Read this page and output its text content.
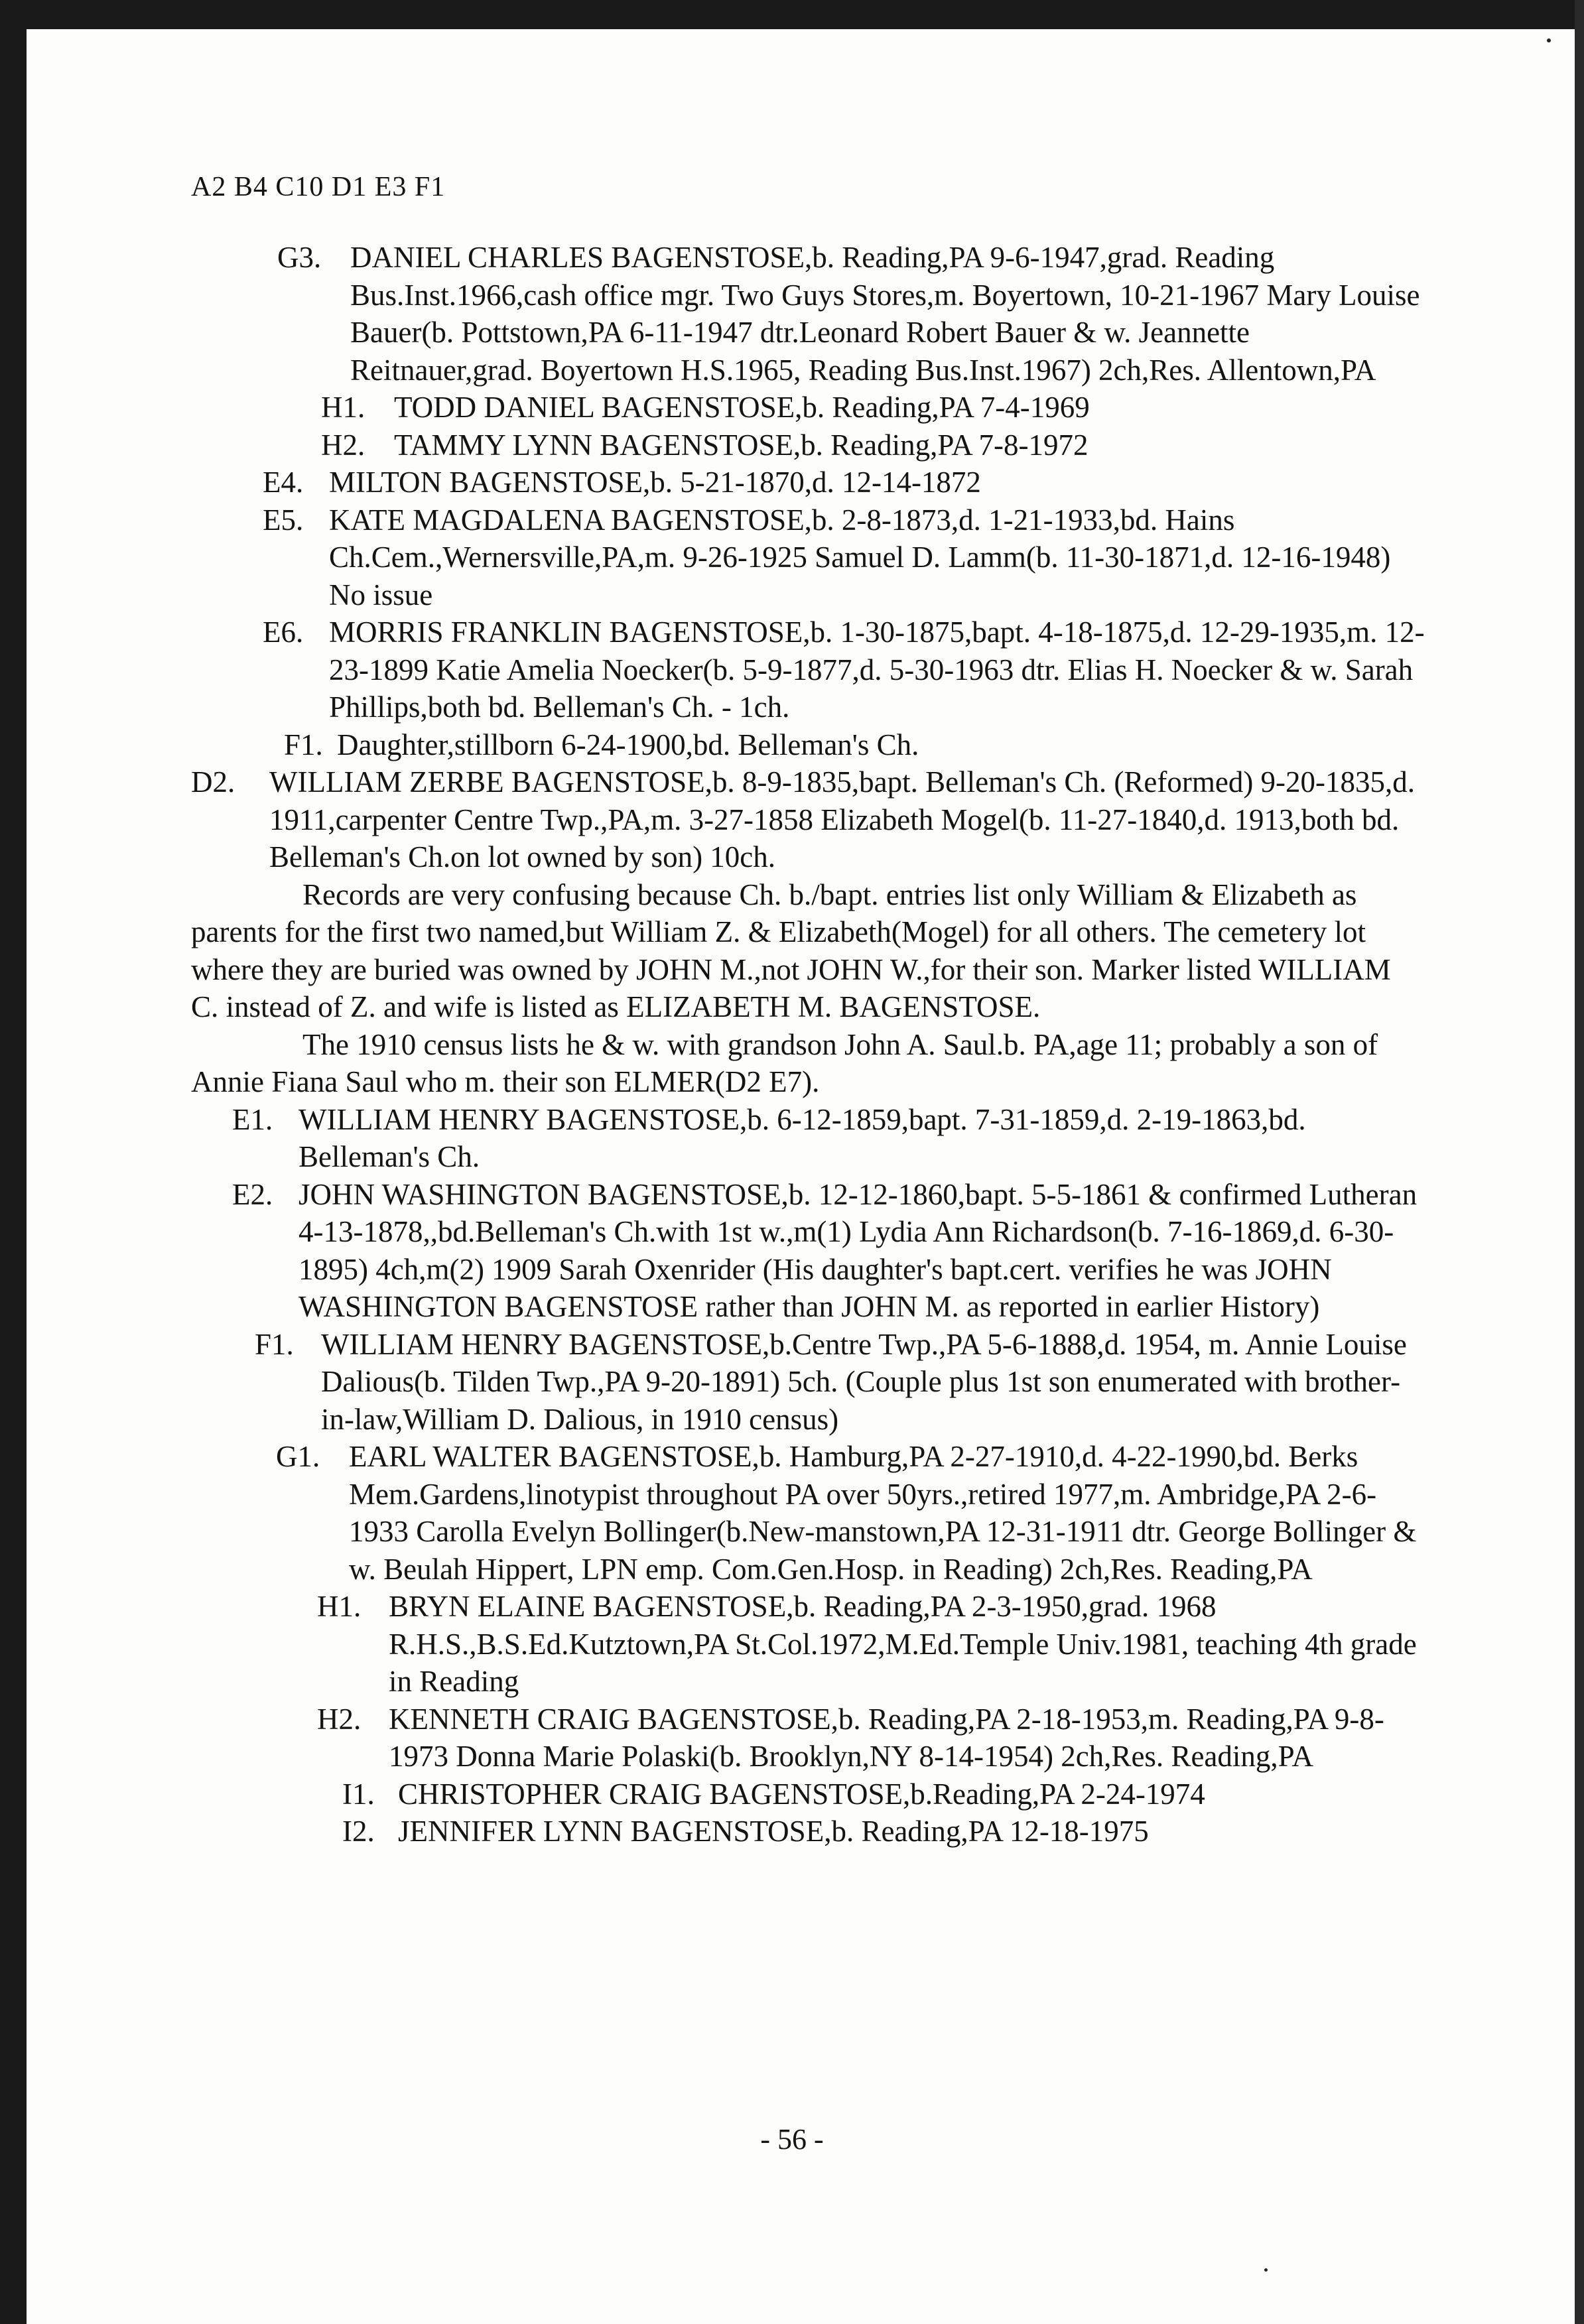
A2 B4 C10 D1 E3 F1
G3. DANIEL CHARLES BAGENSTOSE,b. Reading,PA 9-6-1947,grad. Reading Bus.Inst.1966,cash office mgr. Two Guys Stores,m. Boyertown, 10-21-1967 Mary Louise Bauer(b. Pottstown,PA 6-11-1947 dtr.Leonard Robert Bauer & w. Jeannette Reitnauer,grad. Boyertown H.S.1965, Reading Bus.Inst.1967) 2ch,Res. Allentown,PA
H1. TODD DANIEL BAGENSTOSE,b. Reading,PA 7-4-1969
H2. TAMMY LYNN BAGENSTOSE,b. Reading,PA 7-8-1972
E4. MILTON BAGENSTOSE,b. 5-21-1870,d. 12-14-1872
E5. KATE MAGDALENA BAGENSTOSE,b. 2-8-1873,d. 1-21-1933,bd. Hains Ch.Cem.,Wernersville,PA,m. 9-26-1925 Samuel D. Lamm(b. 11-30-1871,d. 12-16-1948) No issue
E6. MORRIS FRANKLIN BAGENSTOSE,b. 1-30-1875,bapt. 4-18-1875,d. 12-29-1935,m. 12-23-1899 Katie Amelia Noecker(b. 5-9-1877,d. 5-30-1963 dtr. Elias H. Noecker & w. Sarah Phillips,both bd. Belleman's Ch. - 1ch.
F1. Daughter,stillborn 6-24-1900,bd. Belleman's Ch.
D2.	WILLIAM ZERBE BAGENSTOSE,b. 8-9-1835,bapt. Belleman's Ch. (Reformed) 9-20-1835,d. 1911,carpenter Centre Twp.,PA,m. 3-27-1858 Elizabeth Mogel(b. 11-27-1840,d. 1913,both bd. Belleman's Ch.on lot owned by son) 10ch.
Records are very confusing because Ch. b./bapt. entries list only William & Elizabeth as parents for the first two named,but William Z. & Elizabeth(Mogel) for all others. The cemetery lot where they are buried was owned by JOHN M.,not JOHN W.,for their son. Marker listed WILLIAM C. instead of Z. and wife is listed as ELIZABETH M. BAGENSTOSE.
The 1910 census lists he & w. with grandson John A. Saul.b. PA,age 11; probably a son of Annie Fiana Saul who m. their son ELMER(D2 E7).
E1. WILLIAM HENRY BAGENSTOSE,b. 6-12-1859,bapt. 7-31-1859,d. 2-19-1863,bd. Belleman's Ch.
E2. JOHN WASHINGTON BAGENSTOSE,b. 12-12-1860,bapt. 5-5-1861 & confirmed Lutheran 4-13-1878,,bd.Belleman's Ch.with 1st w.,m(1) Lydia Ann Richardson(b. 7-16-1869,d. 6-30-1895) 4ch,m(2) 1909 Sarah Oxenrider (His daughter's bapt.cert. verifies he was JOHN WASHINGTON BAGENSTOSE rather than JOHN M. as reported in earlier History)
F1. WILLIAM HENRY BAGENSTOSE,b.Centre Twp.,PA 5-6-1888,d. 1954, m. Annie Louise Dalious(b. Tilden Twp.,PA 9-20-1891) 5ch. (Couple plus 1st son enumerated with brother-in-law,William D. Dalious, in 1910 census)
G1. EARL WALTER BAGENSTOSE,b. Hamburg,PA 2-27-1910,d. 4-22-1990,bd. Berks Mem.Gardens,linotypist throughout PA over 50yrs.,retired 1977,m. Ambridge,PA 2-6-1933 Carolla Evelyn Bollinger(b.New-manstown,PA 12-31-1911 dtr. George Bollinger & w. Beulah Hippert, LPN emp. Com.Gen.Hosp. in Reading) 2ch,Res. Reading,PA
H1. BRYN ELAINE BAGENSTOSE,b. Reading,PA 2-3-1950,grad. 1968 R.H.S.,B.S.Ed.Kutztown,PA St.Col.1972,M.Ed.Temple Univ.1981, teaching 4th grade in Reading
H2. KENNETH CRAIG BAGENSTOSE,b. Reading,PA 2-18-1953,m. Reading,PA 9-8-1973 Donna Marie Polaski(b. Brooklyn,NY 8-14-1954) 2ch,Res. Reading,PA
I1. CHRISTOPHER CRAIG BAGENSTOSE,b.Reading,PA 2-24-1974
I2. JENNIFER LYNN BAGENSTOSE,b. Reading,PA 12-18-1975
- 56 -
